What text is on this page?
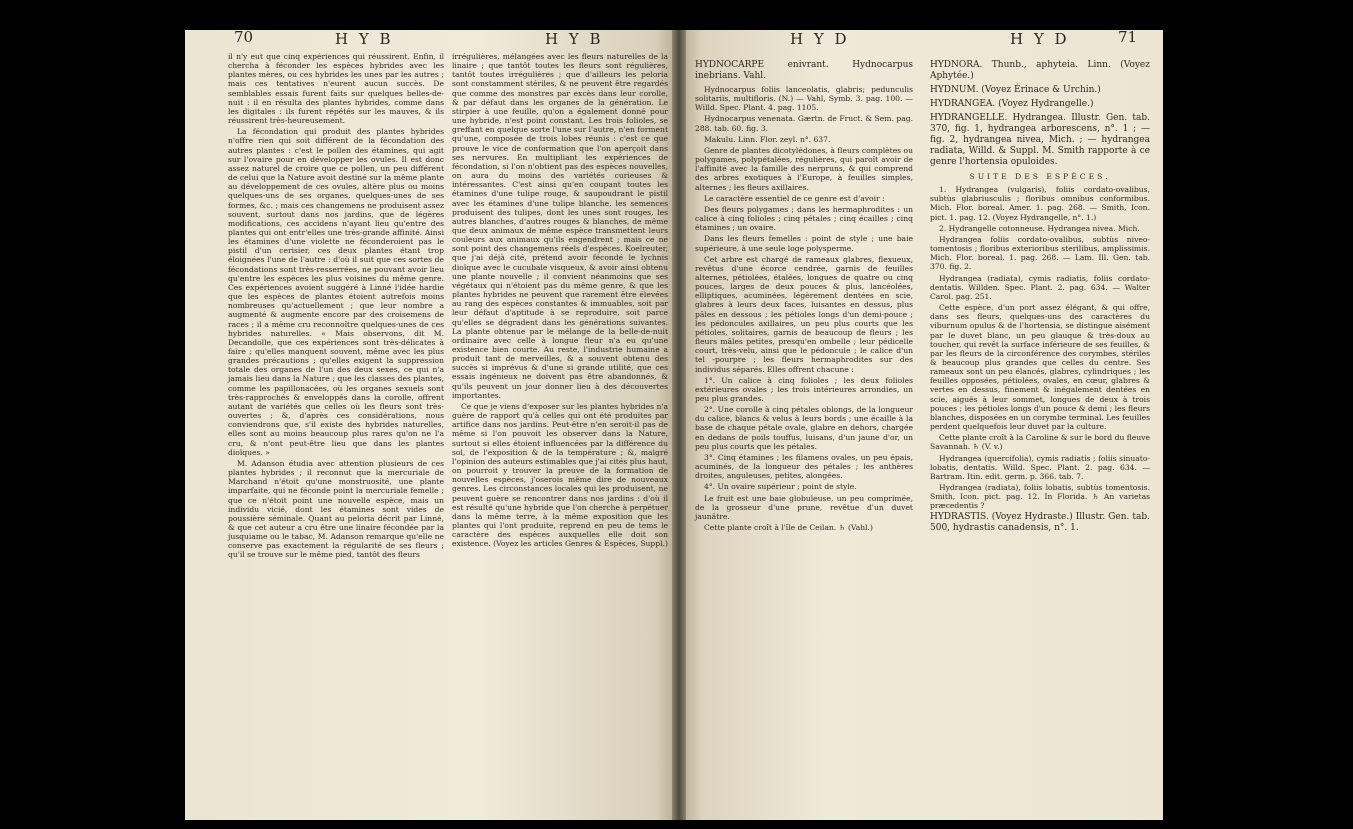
70	H Y B	H Y B

il n'y eut que cinq expériences qui réussirent. Enfin, il chercha à féconder les espèces hybrides avec les plantes mères, ou ces hybrides les unes par les autres ; mais ces tentatives n'eurent aucun succès. De semblables essais furent faits sur quelques belles-de-nuit : il en résulta des plantes hybrides, comme dans les digitales : ils furent répétés sur les mauves, & ils réussirent très-heureusement.

La fécondation qui produit des plantes hybrides n'offre rien qui soit différent de la fécondation des autres plantes : c'est le pollen des étamines, qui agit sur l'ovaire pour en développer les ovules. Il est donc assez naturel de croire que ce pollen, un peu différent de celui que la Nature avoit destiné sur la même plante au développement de ces ovules, altère plus ou moins quelques-uns de ses organes, quelques-unes de ses formes, &c. ; mais ces changemens ne produisent assez souvent, surtout dans nos jardins, que de légères modifications, ces accidens n'ayant lieu qu'entre des plantes qui ont entr'elles une très-grande affinité. Ainsi les étamines d'une violette ne féconderoient pas le pistil d'un cerisier, ces deux plantes étant trop éloignées l'une de l'autre : d'où il suit que ces sortes de fécondations sont très-resserrées, ne pouvant avoir lieu qu'entre les espèces les plus voisines du même genre. Ces expériences avoient suggéré à Linné l'idée hardie que les espèces de plantes étoient autrefois moins nombreuses qu'actuellement ; que leur nombre a augmenté & augmente encore par des croisemens de races ; il a même cru reconnoître quelques-unes de ces hybrides naturelles. « Mais observons, dit M. Decandolle, que ces expériences sont très-délicates à faire ; qu'elles manquent souvent, même avec les plus grandes précautions ; qu'elles exigent la suppression totale des organes de l'un des deux sexes, ce qui n'a jamais lieu dans la Nature ; que les classes des plantes, comme les papillonacées, où les organes sexuels sont très-rapprochés & enveloppés dans la corolle, offrent autant de variétés que celles où les fleurs sont très-ouvertes ; &, d'après ces considérations, nous conviendrons que, s'il existe des hybrides naturelles, elles sont au moins beaucoup plus rares qu'on ne l'a cru, & n'ont peut-être lieu que dans les plantes dioïques. »

M. Adanson étudia avec attention plusieurs de ces plantes hybrides ; il reconnut que la mercuriale de Marchand n'étoit qu'une monstruosité, une plante imparfaite, qui ne féconde point la mercuriale femelle ; que ce n'étoit point une nouvelle espèce, mais un individu vicié, dont les étamines sont vides de poussière séminale. Quant au peloria décrit par Linné, & que cet auteur a cru être une linaire fécondée par la jusquiame ou le tabac, M. Adanson remarque qu'elle ne conserve pas exactement la régularité de ses fleurs ; qu'il se trouve sur le même pied, tantôt des fleurs

irrégulières, mélangées avec les fleurs naturelles de la linaire ; que tantôt toutes les fleurs sont régulières, tantôt toutes irrégulières ; que d'ailleurs les peloria sont constamment stériles, & ne peuvent être regardés que comme des monstres par excès dans leur corolle, & par défaut dans les organes de la génération. Le stirpier à une feuille, qu'on a également donné pour une hybride, n'est point constant. Les trois folioles, se greffant en quelque sorte l'une sur l'autre, n'en forment qu'une, composée de trois lobes réunis : c'est ce que prouve le vice de conformation que l'on aperçoit dans ses nervures. En multipliant les expériences de fécondation, si l'on n'obtient pas des espèces nouvelles, on aura du moins des variétés curieuses & intéressantes. C'est ainsi qu'en coupant toutes les étamines d'une tulipe rouge, & saupoudrant le pistil avec les étamines d'une tulipe blanche, les semences produisent des tulipes, dont les unes sont rouges, les autres blanches, d'autres rouges & blanches, de même que deux animaux de même espèce transmettent leurs couleurs aux animaux qu'ils engendrent ; mais ce ne sont point des changemens réels d'espèces. Koelreuter, que j'ai déjà cité, prétend avoir fécondé le lychnis dioïque avec le cucubale visqueux, & avoir ainsi obtenu une plante nouvelle ; il convient néanmoins que ses végétaux qui n'étoient pas du même genre, & que les plantes hybrides ne peuvent que rarement être élevées au rang des espèces constantes & immuables, soit par leur défaut d'aptitude à se reproduire, soit parce qu'elles se dégradent dans les générations suivantes. La plante obtenue par le mélange de la belle-de-nuit ordinaire avec celle à longue fleur n'a eu qu'une existence bien courte. Au reste, l'industrie humaine a produit tant de merveilles, & a souvent obtenu des succès si imprévus & d'une si grande utilité, que ces essais ingénieux ne doivent pas être abandonnés, & qu'ils peuvent un jour donner lieu à des découvertes importantes.

Ce que je viens d'exposer sur les plantes hybrides n'a guère de rapport qu'à celles qui ont été produites par artifice dans nos jardins. Peut-être n'en seroit-il pas de même si l'on pouvoit les observer dans la Nature, surtout si elles étoient influencées par la différence du sol, de l'exposition & de la température ; &, malgré l'opinion des auteurs estimables que j'ai cités plus haut, on pourroit y trouver la preuve de la formation de nouvelles espèces, j'oserois même dire de nouveaux genres. Les circonstances locales qui les produisent, ne peuvent guère se rencontrer dans nos jardins : d'où il est résulté qu'une hybride que l'on cherche à perpétuer dans la même terre, à la même exposition que les plantes qui l'ont produite, reprend en peu de tems le caractère des espèces auxquelles elle doit son existence. (Voyez les articles Genres & Espèces, Suppl.)

H Y D	H Y D	71

HYDNOCARPE enivrant. Hydnocarpus inebrians. Vahl.

Hydnocarpus foliis lanceolatis, glabris; pedunculis solitariis, multifloris. (N.) — Vahl, Symb. 3. pag. 100. — Willd. Spec. Plant. 4. pag. 1105.

Hydnocarpus venenata. Gærtn. de Fruct. & Sem. pag. 288. tab. 60. fig. 3.

Makulu. Linn. Flor. zeyl. n°. 637.

Genre de plantes dicotylédones, à fleurs complètes ou polygames, polypétalées, régulières, qui paroît avoir de l'affinité avec la famille des nerpruns, & qui comprend des arbres exotiques à l'Europe, à feuilles simples, alternes ; les fleurs axillaires.

Le caractère essentiel de ce genre est d'avoir :

Des fleurs polygames ; dans les hermaphrodites : un calice à cinq folioles ; cinq pétales ; cinq écailles ; cinq étamines ; un ovaire.

Dans les fleurs femelles : point de style ; une baie supérieure, à une seule loge polysperme.

Cet arbre est chargé de rameaux glabres, flexueux, revêtus d'une écorce cendrée, garnis de feuilles alternes, pétiolées, étalées, longues de quatre ou cinq pouces, larges de deux pouces & plus, lancéolées, elliptiques, acuminées, légèrement dentées en scie, glabres à leurs deux faces, luisantes en dessus, plus pâles en dessous ; les pétioles longs d'un demi-pouce ; les pédoncules axillaires, un peu plus courts que les pétioles, solitaires, garnis de beaucoup de fleurs ; les fleurs mâles petites, presqu'en ombelle ; leur pédicelle court, très-velu, ainsi que le pédoncule ; le calice d'un tel -pourpre ; les fleurs hermaphrodites sur des individus séparés. Elles offrent chacune :

1°. Un calice à cinq folioles ; les deux folioles extérieures ovales ; les trois intérieures arrondies, un peu plus grandes.

2°. Une corolle à cinq pétales oblongs, de la longueur du calice, blancs & velus à leurs bords ; une écaille à la base de chaque pétale ovale, glabre en dehors, chargée en dedans de poils touffus, luisans, d'un jaune d'or, un peu plus courts que les pétales.

3°. Cinq étamines ; les filamens ovales, un peu épais, acuminés, de la longueur des pétales ; les anthères droites, anguleuses, petites, alongées.

4°. Un ovaire supérieur ; point de style.

Le fruit est une baie globuleuse, un peu comprimée, de la grosseur d'une prune, revêtue d'un duvet jaunâtre.

Cette plante croît à l'île de Ceilan. ♄ (Vahl.)

HYDNORA. Thunb., aphyteia. Linn. (Voyez Aphytée.)

HYDNUM. (Voyez Érinace & Urchin.)

HYDRANGEA. (Voyez Hydrangelle.)

HYDRANGELLE. Hydrangea. Illustr. Gen. tab. 370, fig. 1, hydrangea arborescens, n°. 1 ; — fig. 2, hydrangea nivea, Mich. ; — hydrangea radiata, Willd. & Suppl. M. Smith rapporte à ce genre l'hortensia opuloides.

SUITE DES ESPÈCES.

1. Hydrangea (vulgaris), foliis cordato-ovalibus, subtùs glabriusculis ; floribus omnibus conformibus. Mich. Flor. boreal. Amer. 1. pag. 268. — Smith, Icon. pict. 1. pag. 12. (Voyez Hydrangelle, n°. 1.)

2. Hydrangelle cotonneuse. Hydrangea nivea. Mich.

Hydrangea foliis cordato-ovalibus, subtùs niveo-tomentosis ; floribus exterioribus sterilibus, amplissimis. Mich. Flor. boreal. 1. pag. 268. — Lam. Ill. Gen. tab. 370. fig. 2.

Hydrangea (radiata), cymis radiatis, foliis cordato-dentatis. Willden. Spec. Plant. 2. pag. 634. — Walter Carol. pag. 251.

Cette espèce, d'un port assez élégant, & qui offre, dans ses fleurs, quelques-uns des caractères du viburnum opulus & de l'hortensia, se distingue aisément par le duvet blanc, un peu glauque & très-doux au toucher, qui revêt la surface inférieure de ses feuilles, & par les fleurs de la circonférence des corymbes, stériles & beaucoup plus grandes que celles du centre. Ses rameaux sont un peu élancés, glabres, cylindriques ; les feuilles opposées, pétiolées, ovales, en cœur, glabres & vertes en dessus, finement & inégalement dentées en scie, aiguës à leur sommet, longues de deux à trois pouces ; les pétioles longs d'un pouce & demi ; les fleurs blanches, disposées en un corymbe terminal. Les feuilles perdent quelquefois leur duvet par la culture.

Cette plante croît à la Caroline & sur le bord du fleuve Savannah. ♄ (V. v.)

Hydrangea (quercifolia), cymis radiatis ; foliis sinuato-lobatis, dentatis. Willd. Spec. Plant. 2. pag. 634. — Bartram. Itin. edit. germ. p. 366. tab. 7.

Hydrangea (radiata), foliis lobatis, subtùs tomentosis. Smith, Icon. pict. pag. 12. In Florida. ♄ An varietas præcedentis ?

HYDRASTIS. (Voyez Hydraste.) Illustr. Gen. tab. 500, hydrastis canadensis, n°. 1.
